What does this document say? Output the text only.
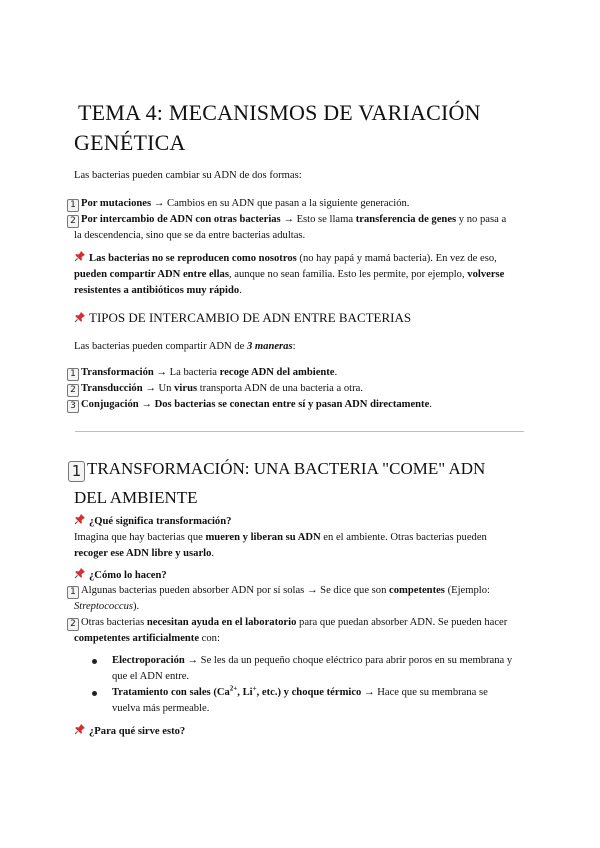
TEMA 4: MECANISMOS DE VARIACIÓN
GENÉTICA
Las bacterias pueden cambiar su ADN de dos formas:
1 Por mutaciones → Cambios en su ADN que pasan a la siguiente generación.
2 Por intercambio de ADN con otras bacterias → Esto se llama transferencia de genes y no pasa a
la descendencia, sino que se da entre bacterias adultas.
Las bacterias no se reproducen como nosotros (no hay papá y mamá bacteria). En vez de eso,
pueden compartir ADN entre ellas, aunque no sean familia. Esto les permite, por ejemplo, volverse
resistentes a antibióticos muy rápido.
TIPOS DE INTERCAMBIO DE ADN ENTRE BACTERIAS
Las bacterias pueden compartir ADN de 3 maneras:
1 Transformación → La bacteria recoge ADN del ambiente.
2 Transducción → Un virus transporta ADN de una bacteria a otra.
3 Conjugación → Dos bacterias se conectan entre sí y pasan ADN directamente.
1 TRANSFORMACIÓN: UNA BACTERIA "COME" ADN
DEL AMBIENTE
¿Qué significa transformación?
Imagina que hay bacterias que mueren y liberan su ADN en el ambiente. Otras bacterias pueden
recoger ese ADN libre y usarlo.
¿Cómo lo hacen?
1 Algunas bacterias pueden absorber ADN por sí solas → Se dice que son competentes (Ejemplo:
Streptococcus).
2 Otras bacterias necesitan ayuda en el laboratorio para que puedan absorber ADN. Se pueden hacer
competentes artificialmente con:
Electroporación → Se les da un pequeño choque eléctrico para abrir poros en su membrana y
que el ADN entre.
Tratamiento con sales ($Ca^{2+}$, Li+, etc.) y choque térmico → Hace que su membrana se
vuelva más permeable.
¿Para qué sirve esto?
